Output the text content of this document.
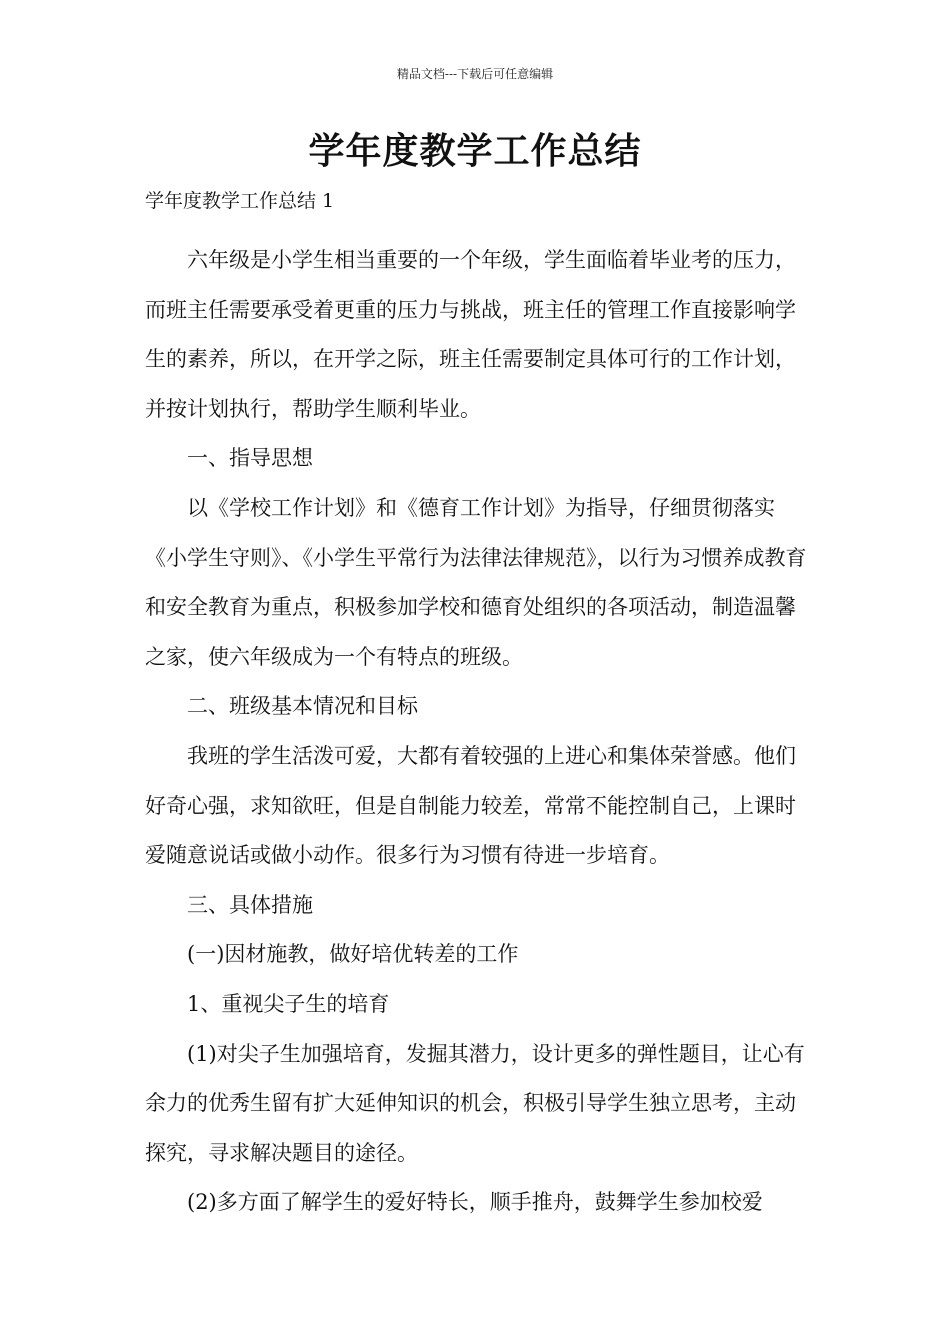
精品文档---下载后可任意编辑
学年度教学工作总结

学年度教学工作总结 1

六年级是小学生相当重要的一个年级，学生面临着毕业考的压力，而班主任需要承受着更重的压力与挑战，班主任的管理工作直接影响学生的素养，所以，在开学之际，班主任需要制定具体可行的工作计划，并按计划执行，帮助学生顺利毕业。

一、指导思想

以《学校工作计划》和《德育工作计划》为指导，仔细贯彻落实《小学生守则》、《小学生平常行为法律法律规范》，以行为习惯养成教育和安全教育为重点，积极参加学校和德育处组织的各项活动，制造温馨之家，使六年级成为一个有特点的班级。

二、班级基本情况和目标

我班的学生活泼可爱，大都有着较强的上进心和集体荣誉感。他们好奇心强，求知欲旺，但是自制能力较差，常常不能控制自己，上课时爱随意说话或做小动作。很多行为习惯有待进一步培育。

三、具体措施

(一)因材施教，做好培优转差的工作

1、重视尖子生的培育

(1)对尖子生加强培育，发掘其潜力，设计更多的弹性题目，让心有余力的优秀生留有扩大延伸知识的机会，积极引导学生独立思考，主动探究，寻求解决题目的途径。

(2)多方面了解学生的爱好特长，顺手推舟，鼓舞学生参加校爱
